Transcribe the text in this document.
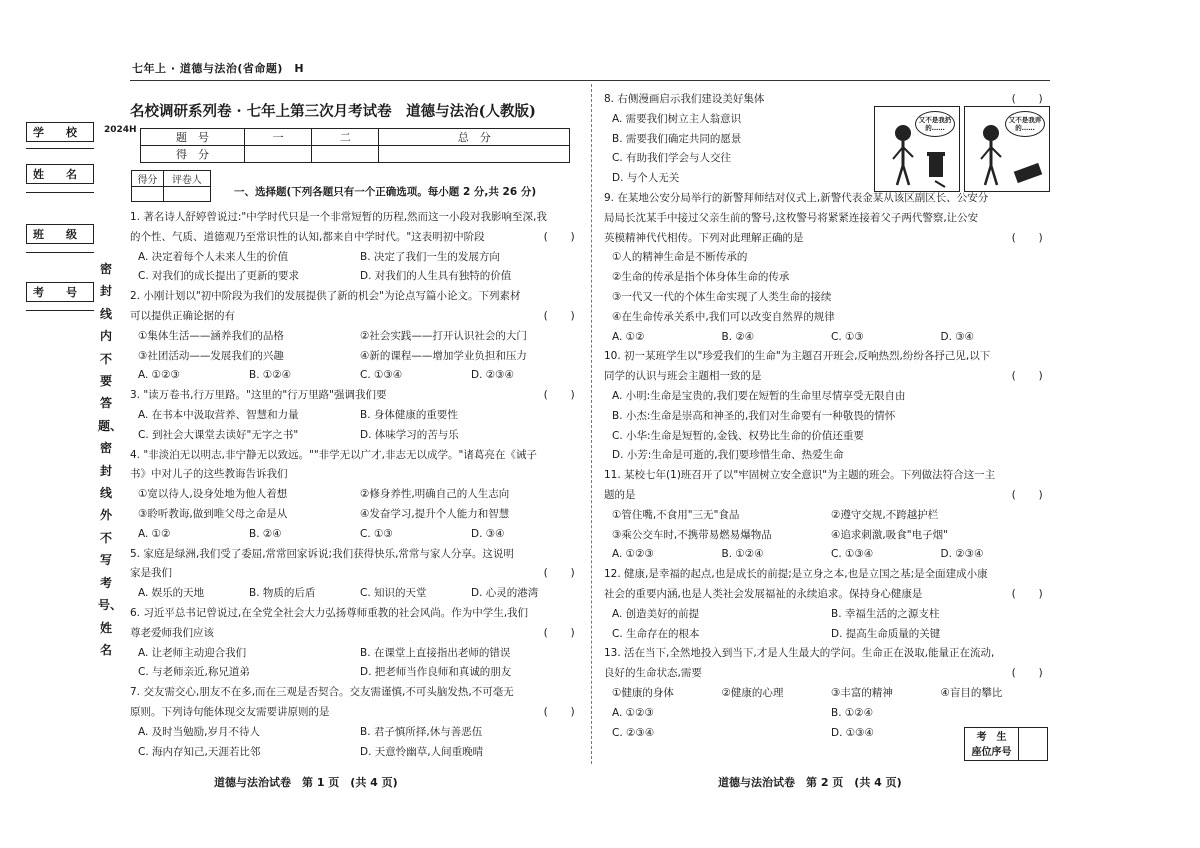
七年上 · 道德与法治(省命题)　H
学　　校
姓　　名
班　　级
考　　号
2024H
密封线内不要答题、密封线外不写考号、姓名
名校调研系列卷 · 七年上第三次月考试卷　道德与法治(人教版)
题　号	一	二	总　分
得　分			
得分	评卷人

一、选择题(下列各题只有一个正确选项。每小题 2 分,共 26 分)
1. 著名诗人舒婷曾说过:"中学时代只是一个非常短暂的历程,然而这一小段对我影响至深,我
(　　)
的个性、气质、道德观乃至常识性的认知,都来自中学时代。"这表明初中阶段
A. 决定着每个人未来人生的价值	B. 决定了我们一生的发展方向
C. 对我们的成长提出了更新的要求	D. 对我们的人生具有独特的价值
2. 小刚计划以"初中阶段为我们的发展提供了新的机会"为论点写篇小论文。下列素材
(　　)
可以提供正确论据的有
①集体生活——涵养我们的品格	②社会实践——打开认识社会的大门
③社团活动——发展我们的兴趣	④新的课程——增加学业负担和压力
A. ①②③	B. ①②④	C. ①③④	D. ②③④
(　　)
3. "读万卷书,行万里路。"这里的"行万里路"强调我们要
A. 在书本中汲取营养、智慧和力量	B. 身体健康的重要性
C. 到社会大课堂去读好"无字之书"	D. 体味学习的苦与乐
4. "非淡泊无以明志,非宁静无以致远。""非学无以广才,非志无以成学。"诸葛亮在《诫子
书》中对儿子的这些教诲告诉我们
①宽以待人,设身处地为他人着想	②修身养性,明确自己的人生志向
③聆听教诲,做到唯父母之命是从	④发奋学习,提升个人能力和智慧
A. ①②	B. ②④	C. ①③	D. ③④
5. 家庭是绿洲,我们受了委屈,常常回家诉说;我们获得快乐,常常与家人分享。这说明
(　　)
家是我们
A. 娱乐的天地	B. 物质的后盾	C. 知识的天堂	D. 心灵的港湾
6. 习近平总书记曾说过,在全党全社会大力弘扬尊师重教的社会风尚。作为中学生,我们
(　　)
尊老爱师我们应该
A. 让老师主动迎合我们	B. 在课堂上直接指出老师的错误
C. 与老师亲近,称兄道弟	D. 把老师当作良师和真诚的朋友
7. 交友需交心,朋友不在多,而在三观是否契合。交友需谨慎,不可头脑发热,不可毫无
(　　)
原则。下列诗句能体现交友需要讲原则的是
A. 及时当勉励,岁月不待人	B. 君子慎所择,休与善恶伍
C. 海内存知己,天涯若比邻	D. 天意怜幽草,人间重晚晴
(　　)
8. 右侧漫画启示我们建设美好集体
A. 需要我们树立主人翁意识
B. 需要我们确定共同的愿景
C. 有助我们学会与人交往
D. 与个人无关
9. 在某地公安分局举行的新警拜师结对仪式上,新警代表金某从该区副区长、公安分
局局长沈某手中接过父亲生前的警号,这枚警号将紧紧连接着父子两代警察,让公安
(　　)
英模精神代代相传。下列对此理解正确的是
①人的精神生命是不断传承的
②生命的传承是指个体身体生命的传承
③一代又一代的个体生命实现了人类生命的接续
④在生命传承关系中,我们可以改变自然界的规律
A. ①②	B. ②④	C. ①③	D. ③④
10. 初一某班学生以"珍爱我们的生命"为主题召开班会,反响热烈,纷纷各抒己见,以下
(　　)
同学的认识与班会主题相一致的是
A. 小明:生命是宝贵的,我们要在短暂的生命里尽情享受无限自由
B. 小杰:生命是崇高和神圣的,我们对生命要有一种敬畏的情怀
C. 小华:生命是短暂的,金钱、权势比生命的价值还重要
D. 小芳:生命是可逝的,我们要珍惜生命、热爱生命
11. 某校七年(1)班召开了以"牢固树立安全意识"为主题的班会。下列做法符合这一主
(　　)
题的是
①管住嘴,不食用"三无"食品	②遵守交规,不跨越护栏
③乘公交车时,不携带易燃易爆物品	④追求刺激,吸食"电子烟"
A. ①②③	B. ①②④	C. ①③④	D. ②③④
12. 健康,是幸福的起点,也是成长的前提;是立身之本,也是立国之基;是全面建成小康
(　　)
社会的重要内涵,也是人类社会发展福祉的永续追求。保持身心健康是
A. 创造美好的前提	B. 幸福生活的之源支柱
C. 生命存在的根本	D. 提高生命质量的关键
13. 活在当下,全然地投入到当下,才是人生最大的学问。生命正在汲取,能量正在流动,
(　　)
良好的生命状态,需要
①健康的身体	②健康的心理	③丰富的精神	④盲目的攀比
A. ①②③	B. ①②④
C. ②③④	D. ①③④
又不是我扔的……
又不是我弄的……
考　生
座位序号
道德与法治试卷　第 1 页　(共 4 页)	道德与法治试卷　第 2 页　(共 4 页)
